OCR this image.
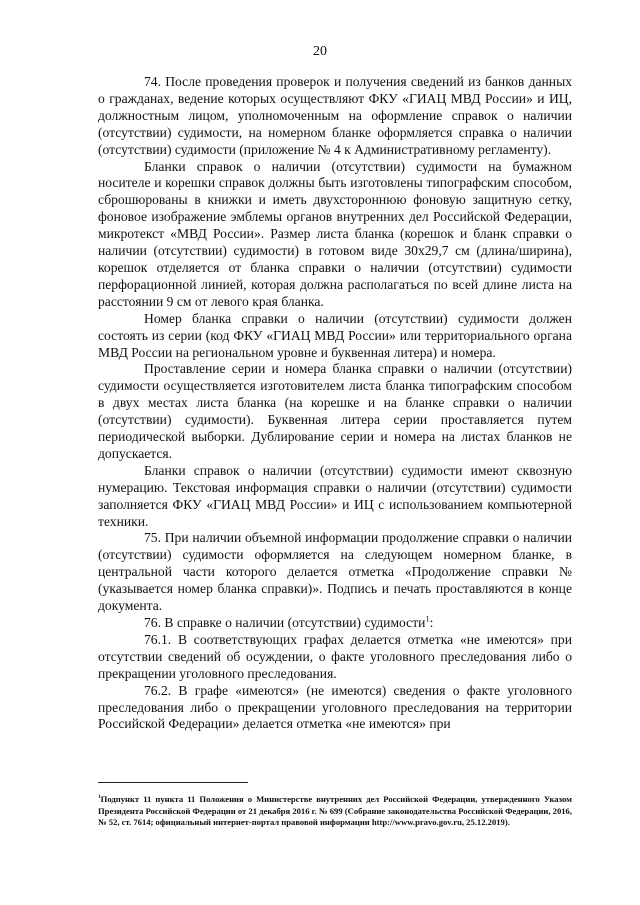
20

74. После проведения проверок и получения сведений из банков данных о гражданах, ведение которых осуществляют ФКУ «ГИАЦ МВД России» и ИЦ, должностным лицом, уполномоченным на оформление справок о наличии (отсутствии) судимости, на номерном бланке оформляется справка о наличии (отсутствии) судимости (приложение № 4 к Административному регламенту).

Бланки справок о наличии (отсутствии) судимости на бумажном носителе и корешки справок должны быть изготовлены типографским способом, сброшюрованы в книжки и иметь двухстороннюю фоновую защитную сетку, фоновое изображение эмблемы органов внутренних дел Российской Федерации, микротекст «МВД России». Размер листа бланка (корешок и бланк справки о наличии (отсутствии) судимости) в готовом виде 30х29,7 см (длина/ширина), корешок отделяется от бланка справки о наличии (отсутствии) судимости перфорационной линией, которая должна располагаться по всей длине листа на расстоянии 9 см от левого края бланка.

Номер бланка справки о наличии (отсутствии) судимости должен состоять из серии (код ФКУ «ГИАЦ МВД России» или территориального органа МВД России на региональном уровне и буквенная литера) и номера.

Проставление серии и номера бланка справки о наличии (отсутствии) судимости осуществляется изготовителем листа бланка типографским способом в двух местах листа бланка (на корешке и на бланке справки о наличии (отсутствии) судимости). Буквенная литера серии проставляется путем периодической выборки. Дублирование серии и номера на листах бланков не допускается.

Бланки справок о наличии (отсутствии) судимости имеют сквозную нумерацию. Текстовая информация справки о наличии (отсутствии) судимости заполняется ФКУ «ГИАЦ МВД России» и ИЦ с использованием компьютерной техники.

75. При наличии объемной информации продолжение справки о наличии (отсутствии) судимости оформляется на следующем номерном бланке, в центральной части которого делается отметка «Продолжение справки № (указывается номер бланка справки)». Подпись и печать проставляются в конце документа.

76. В справке о наличии (отсутствии) судимости$^1$:

76.1. В соответствующих графах делается отметка «не имеются» при отсутствии сведений об осуждении, о факте уголовного преследования либо о прекращении уголовного преследования.

76.2. В графе «имеются» (не имеются) сведения о факте уголовного преследования либо о прекращении уголовного преследования на территории Российской Федерации» делается отметка «не имеются» при

$^1$Подпункт 11 пункта 11 Положения о Министерстве внутренних дел Российской Федерации, утвержденного Указом Президента Российской Федерации от 21 декабря 2016 г. № 699 (Собрание законодательства Российской Федерации, 2016, № 52, ст. 7614; официальный интернет-портал правовой информации http://www.pravo.gov.ru, 25.12.2019).
